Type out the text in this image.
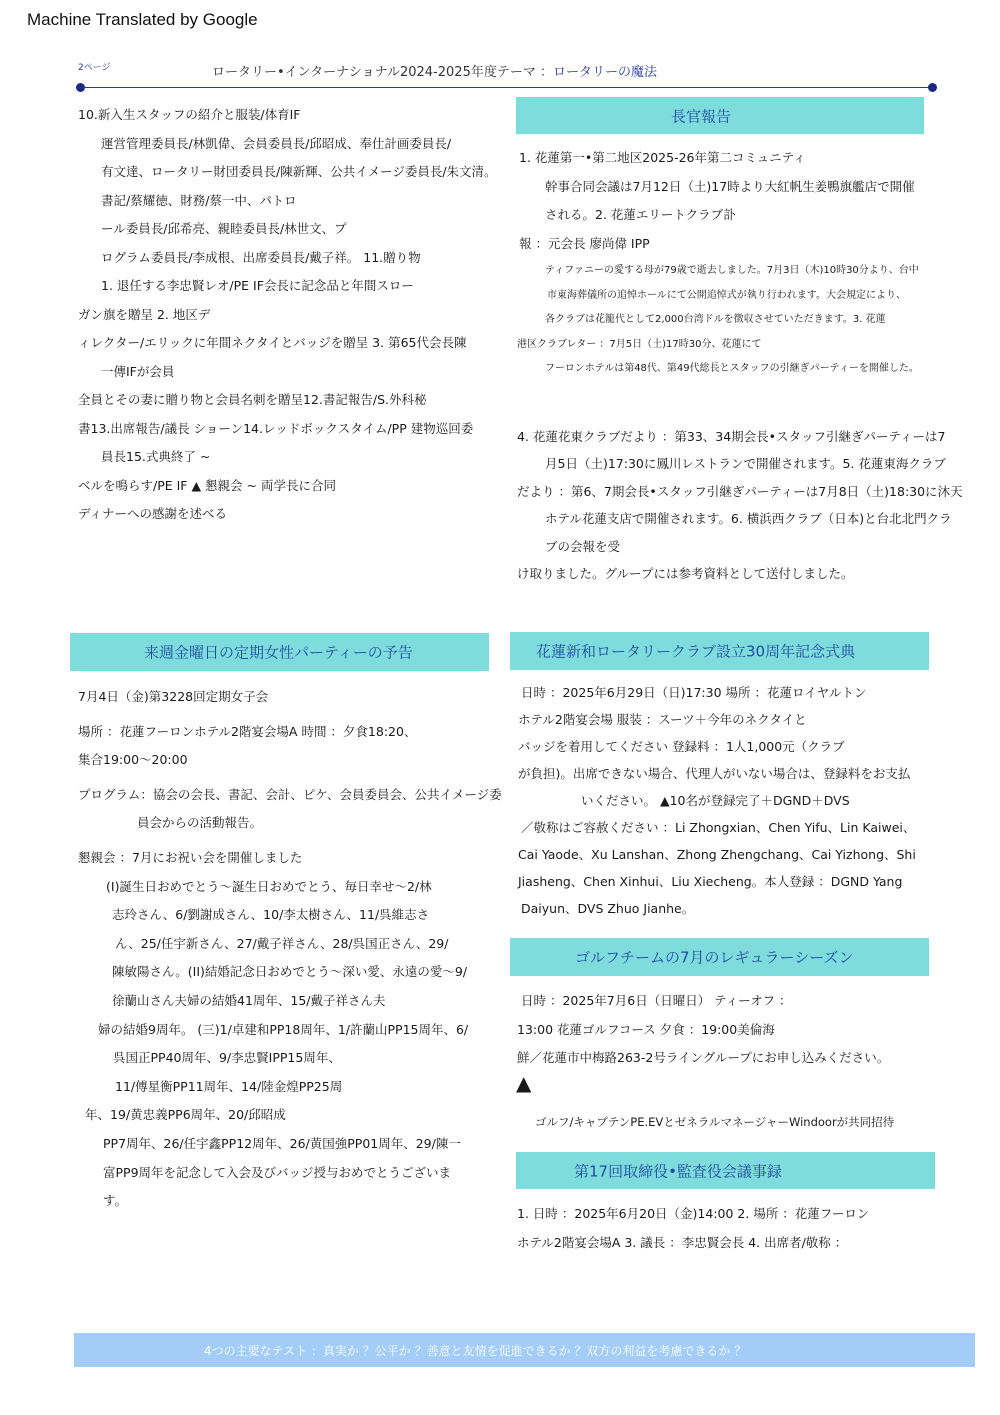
Machine Translated by Google
2ページ	ロータリー•インターナショナル2024-2025年度テーマ ：ロータリーの魔法
10.新入生スタッフの紹介と服装/体育IF
運営管理委員長/林凱偉、会員委員長/邱昭成、奉仕計画委員長/
有文達、ロータリー財団委員長/陳新輝、公共イメージ委員長/朱文清。
書記/蔡耀徳、財務/蔡一中、パトロ
ール委員長/邱希亮、親睦委員長/林世文、プ
ログラム委員長/李成根、出席委員長/戴子祥。 11.贈り物
1. 退任する李忠賢レオ/PE IF会長に記念品と年間スロー
ガン旗を贈呈 2. 地区デ
ィレクター/エリックに年間ネクタイとバッジを贈呈 3. 第65代会長陳
一傳IFが会員
全員とその妻に贈り物と会員名刺を贈呈12.書記報告/S.外科秘
書13.出席報告/議長 ショーン14.レッドボックスタイム/PP 建物巡回委
員長15.式典終了 ~
ベルを鳴らす/PE IF ▲ 懇親会 ~ 両学長に合同
ディナーへの感謝を述べる
長官報告
1. 花蓮第一•第二地区2025-26年第二コミュニティ
幹事合同会議は7月12日（土)17時より大紅帆生姜鴨旗艦店で開催
される。2. 花蓮エリートクラブ訃
報 ：元会長 廖尚偉 IPP
ティファニーの愛する母が79歳で逝去しました。7月3日（木)10時30分より、台中
市東海葬儀所の追悼ホールにて公開追悼式が執り行われます。大会規定により、
各クラブは花籠代として2,000台湾ドルを徴収させていただきます。3. 花蓮
港区クラブレター ：7月5日（土)17時30分、花蓮にて
フーロンホテルは第48代、第49代総長とスタッフの引継ぎパーティーを開催した。
4. 花蓮花東クラブだより ：第33、34期会長•スタッフ引継ぎパーティーは7
月5日（土)17:30に鳳川レストランで開催されます。5. 花蓮東海クラブ
だより ：第6、7期会長•スタッフ引継ぎパーティーは7月8日（土)18:30に沐天
ホテル花蓮支店で開催されます。6. 横浜西クラブ（日本)と台北北門クラ
ブの会報を受
け取りました。グループには参考資料として送付しました。
来週金曜日の定期女性パーティーの予告
7月4日（金)第3228回定期女子会
場所 ：花蓮フーロンホテル2階宴会場A 時間 ：夕食18:20、
集合19:00〜20:00
プログラム：協会の会長、書記、会計、ピケ、会員委員会、公共イメージ委
員会からの活動報告。
懇親会 ：7月にお祝い会を開催しました
(I)誕生日おめでとう〜誕生日おめでとう、毎日幸せ〜2/林
志玲さん、6/劉謝成さん、10/李太樹さん、11/呉維志さ
ん、25/任宇新さん、27/戴子祥さん、28/呉国正さん、29/
陳敏陽さん。(II)結婚記念日おめでとう〜深い愛、永遠の愛〜9/
徐蘭山さん夫婦の結婚41周年、15/戴子祥さん夫
婦の結婚9周年。 (三)1/卓建和PP18周年、1/許蘭山PP15周年、6/
呉国正PP40周年、9/李忠賢IPP15周年、
11/傅星衡PP11周年、14/陸金煌PP25周
年、19/黄忠義PP6周年、20/邱昭成
PP7周年、26/任宇鑫PP12周年、26/黄国強PP01周年、29/陳一
富PP9周年を記念して入会及びバッジ授与おめでとうございま
す。
花蓮新和ロータリークラブ設立30周年記念式典
日時 ：2025年6月29日（日)17:30 場所 ：花蓮ロイヤルトン
ホテル2階宴会場 服装 ：スーツ＋今年のネクタイと
バッジを着用してください 登録料 ：1人1,000元（クラブ
が負担)。出席できない場合、代理人がいない場合は、登録料をお支払
いください。 ▲10名が登録完了＋DGND＋DVS
／敬称はご容赦ください ：Li Zhongxian、Chen Yifu、Lin Kaiwei、
Cai Yaode、Xu Lanshan、Zhong Zhengchang、Cai Yizhong、Shi
Jiasheng、Chen Xinhui、Liu Xiecheng。本人登録 ：DGND Yang
Daiyun、DVS Zhuo Jianhe。
ゴルフチームの7月のレギュラーシーズン
日時 ：2025年7月6日（日曜日） ティーオフ ：
13:00 花蓮ゴルフコース 夕食 ：19:00美倫海
鮮／花蓮市中梅路263-2号ライングループにお申し込みください。
▲
ゴルフ/キャプテンPE.EVとゼネラルマネージャーWindoorが共同招待
第17回取締役•監査役会議事録
1. 日時 ：2025年6月20日（金)14:00 2. 場所 ：花蓮フーロン
ホテル2階宴会場A 3. 議長 ：李忠賢会長 4. 出席者/敬称 ：
4つの主要なテスト ：真実か ？公平か ？善意と友情を促進できるか ？双方の利益を考慮できるか ？
